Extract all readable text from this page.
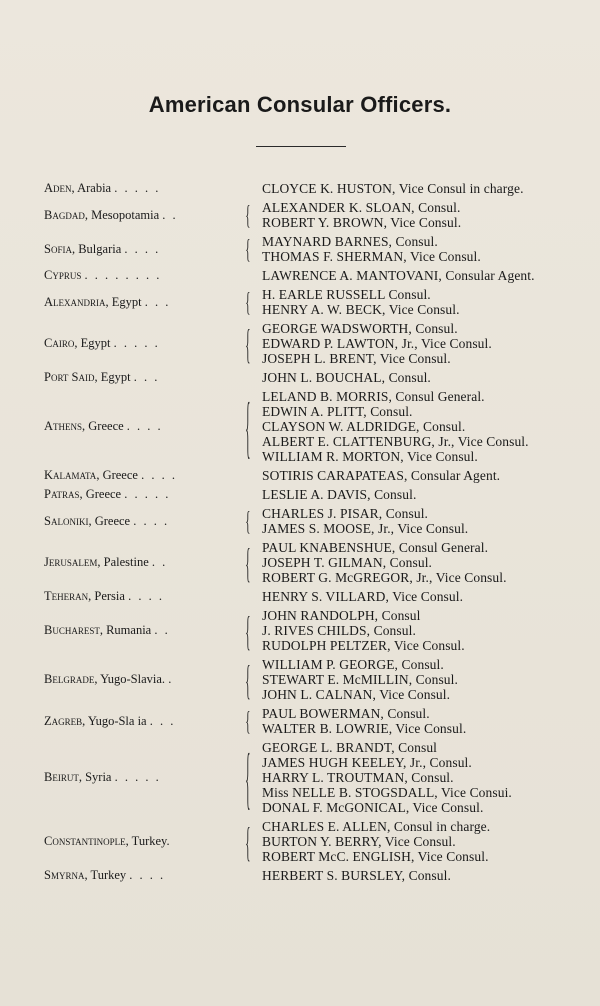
American Consular Officers.
Aden, Arabia . . . . .	CLOYCE K. HUSTON, Vice Consul in charge.
Bagdad, Mesopotamia . .	{ ALEXANDER K. SLOAN, Consul.
ROBERT Y. BROWN, Vice Consul.
Sofia, Bulgaria . . . .	{ MAYNARD BARNES, Consul.
THOMAS F. SHERMAN, Vice Consul.
Cyprus . . . . . . . .	LAWRENCE A. MANTOVANI, Consular Agent.
Alexandria, Egypt . . .	{ H. EARLE RUSSELL Consul.
HENRY A. W. BECK, Vice Consul.
Cairo, Egypt . . . . .	{ GEORGE WADSWORTH, Consul.
EDWARD P. LAWTON, Jr., Vice Consul.
JOSEPH L. BRENT, Vice Consul.
Port Said, Egypt . . .	JOHN L. BOUCHAL, Consul.
Athens, Greece . . . .	{ LELAND B. MORRIS, Consul General.
EDWIN A. PLITT, Consul.
CLAYSON W. ALDRIDGE, Consul.
ALBERT E. CLATTENBURG, Jr., Vice Consul.
WILLIAM R. MORTON, Vice Consul.
Kalamata, Greece . . . .	SOTIRIS CARAPATEAS, Consular Agent.
Patras, Greece . . . . .	LESLIE A. DAVIS, Consul.
Saloniki, Greece . . . .	{ CHARLES J. PISAR, Consul.
JAMES S. MOOSE, Jr., Vice Consul.
Jerusalem, Palestine . .	{ PAUL KNABENSHUE, Consul General.
JOSEPH T. GILMAN, Consul.
ROBERT G. McGREGOR, Jr., Vice Consul.
Teheran, Persia . . . .	HENRY S. VILLARD, Vice Consul.
Bucharest, Rumania . .	{ JOHN RANDOLPH, Consul
J. RIVES CHILDS, Consul.
RUDOLPH PELTZER, Vice Consul.
Belgrade, Yugo-Slavia. .	{ WILLIAM P. GEORGE, Consul.
STEWART E. McMILLIN, Consul.
JOHN L. CALNAN, Vice Consul.
Zagreb, Yugo-Sla ia . . .	{ PAUL BOWERMAN, Consul.
WALTER B. LOWRIE, Vice Consul.
Beirut, Syria . . . . .	{ GEORGE L. BRANDT, Consul
JAMES HUGH KEELEY, Jr., Consul.
HARRY L. TROUTMAN, Consul.
Miss NELLE B. STOGSDALL, Vice Consui.
DONAL F. McGONICAL, Vice Consul.
Constantinople, Turkey.	{ CHARLES E. ALLEN, Consul in charge.
BURTON Y. BERRY, Vice Consul.
ROBERT McC. ENGLISH, Vice Consul.
Smyrna, Turkey . . . .	HERBERT S. BURSLEY, Consul.
